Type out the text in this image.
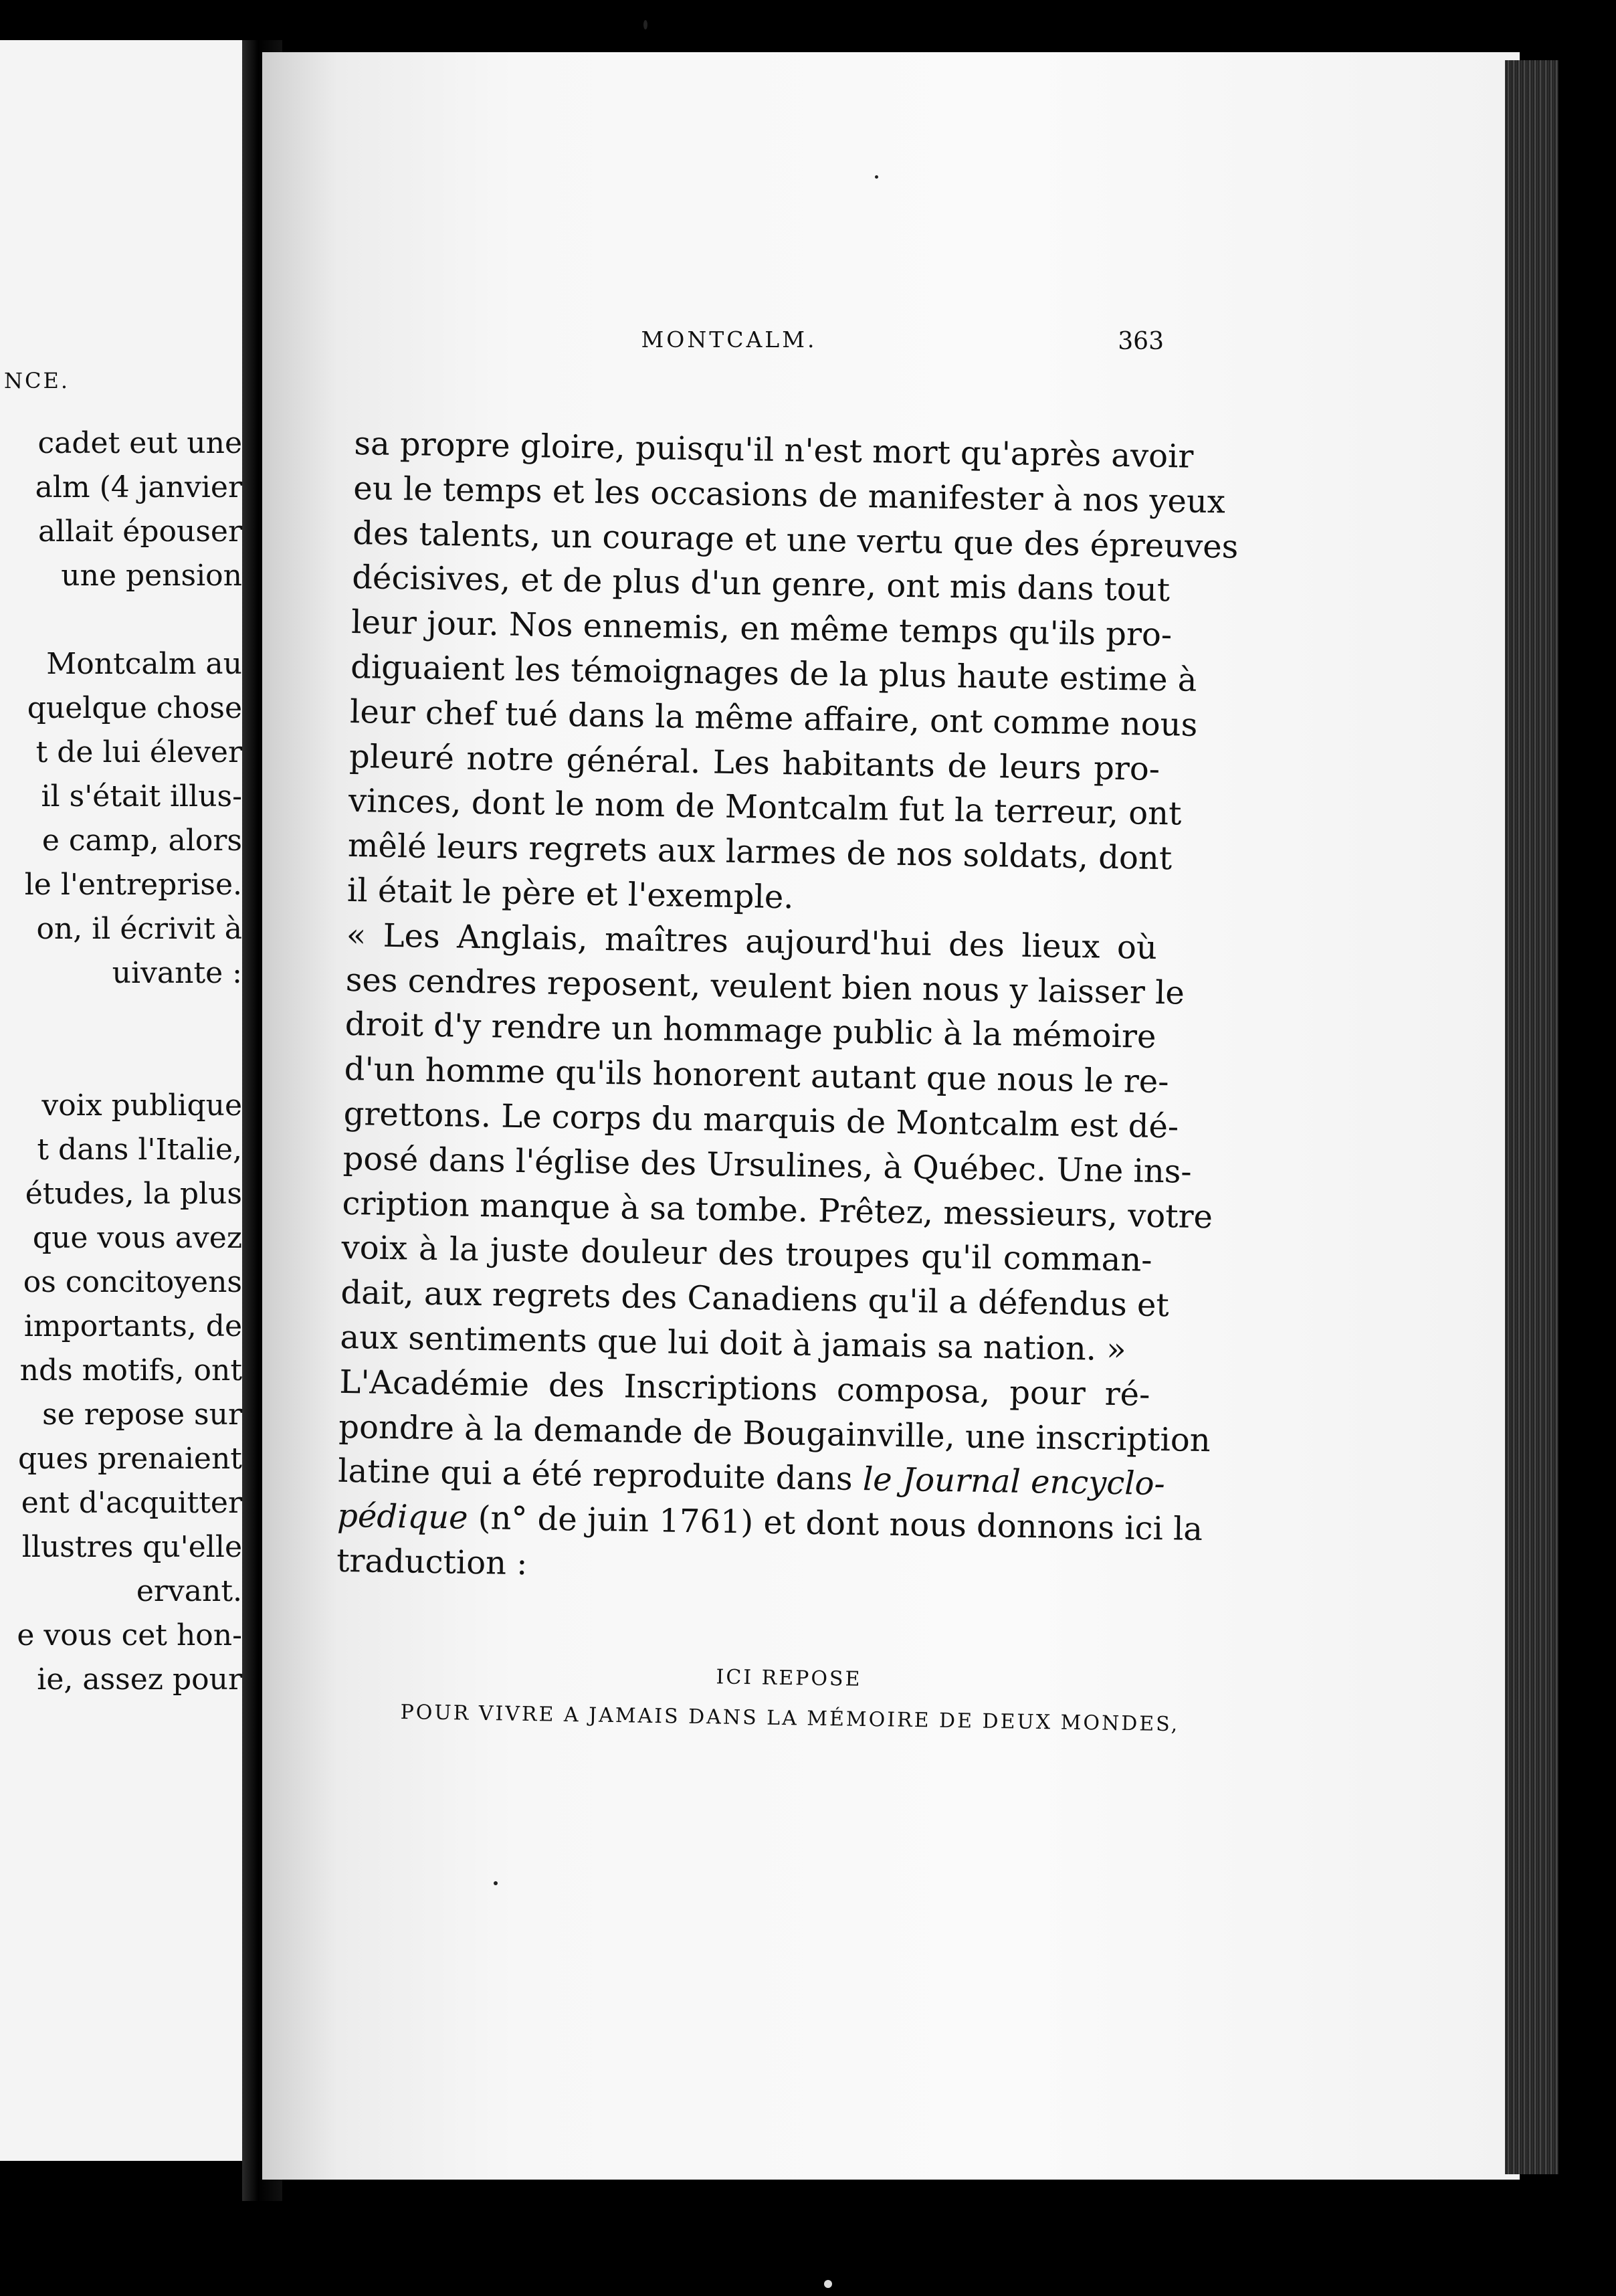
NCE.
cadet eut une
alm (4 janvier
allait épouser
une pension
Montcalm au
quelque chose
t de lui élever
il s'était illus-
e camp, alors
le l'entreprise.
on, il écrivit à
uivante :
voix publique
t dans l'Italie,
études, la plus
que vous avez
os concitoyens
importants, de
nds motifs, ont
se repose sur
ques prenaient
ent d'acquitter
llustres qu'elle
ervant.
e vous cet hon-
ie, assez pour
MONTCALM.	363
sa propre gloire, puisqu'il n'est mort qu'après avoir
eu le temps et les occasions de manifester à nos yeux
des talents, un courage et une vertu que des épreuves
décisives, et de plus d'un genre, ont mis dans tout
leur jour. Nos ennemis, en même temps qu'ils pro-
diguaient les témoignages de la plus haute estime à
leur chef tué dans la même affaire, ont comme nous
pleuré notre général. Les habitants de leurs pro-
vinces, dont le nom de Montcalm fut la terreur, ont
mêlé leurs regrets aux larmes de nos soldats, dont
il était le père et l'exemple.
« Les Anglais, maîtres aujourd'hui des lieux où
ses cendres reposent, veulent bien nous y laisser le
droit d'y rendre un hommage public à la mémoire
d'un homme qu'ils honorent autant que nous le re-
grettons. Le corps du marquis de Montcalm est dé-
posé dans l'église des Ursulines, à Québec. Une ins-
cription manque à sa tombe. Prêtez, messieurs, votre
voix à la juste douleur des troupes qu'il comman-
dait, aux regrets des Canadiens qu'il a défendus et
aux sentiments que lui doit à jamais sa nation. »
L'Académie des Inscriptions composa, pour ré-
pondre à la demande de Bougainville, une inscription
latine qui a été reproduite dans le Journal encyclo-
pédique (n° de juin 1761) et dont nous donnons ici la
traduction :
ICI REPOSE
POUR VIVRE A JAMAIS DANS LA MÉMOIRE DE DEUX MONDES,
